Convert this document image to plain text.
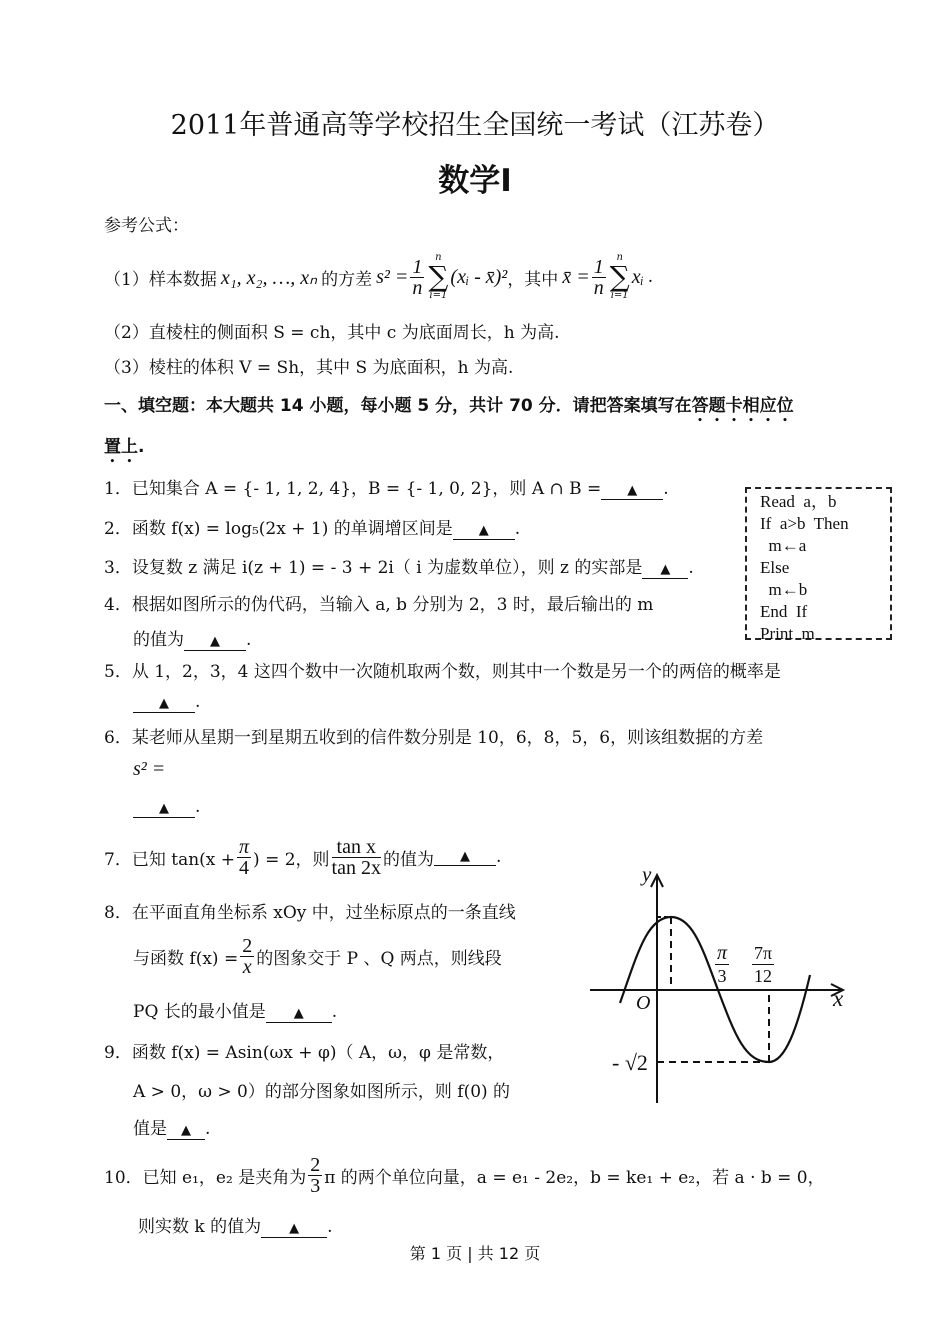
2011年普通高等学校招生全国统一考试（江苏卷）
数学Ⅰ
参考公式：
（1）样本数据 x₁, x₂, …, xₙ 的方差 $s^2 = \frac{1}{n}$	n
∑
i=1
(xᵢ - x̄)² ，其中 x̄ = $\frac{1}{n}$	n
∑
i=1
xᵢ .
（2）直棱柱的侧面积 S = ch，其中 c 为底面周长，h 为高.
（3）棱柱的体积 V = Sh，其中 S 为底面积，h 为高.
一、填空题：本大题共 14 小题，每小题 5 分，共计 70 分．请把答案填写在答题卡相应位
置上.
1．已知集合 A = {- 1, 1, 2, 4}，B = {- 1, 0, 2}，则 A ∩ B = ▲ .
2．函数 f(x) = log₅(2x + 1) 的单调增区间是 ▲ .
3．设复数 z 满足 i(z + 1) = - 3 + 2i（ i 为虚数单位），则 z 的实部是 ▲ .
4．根据如图所示的伪代码，当输入 a, b 分别为 2，3 时，最后输出的 m
的值为 ▲ .
Read  a，b
If  a>b  Then
m←a
Else
m←b
End  If
Print  m
5．从 1，2，3，4 这四个数中一次随机取两个数，则其中一个数是另一个的两倍的概率是
▲ .
6．某老师从星期一到星期五收到的信件数分别是 10，6，8，5，6，则该组数据的方差
s² =
▲ .
7． 已知 $\tan(x + \frac{\pi}{4}$ ) = 2，则 $\frac{\text{tan x}}{\tan 2x}$ 的值为	▲	.
8．在平面直角坐标系 xOy 中，过坐标原点的一条直线
与函数 $f(x) = \frac{2}{x}$ 的图象交于 P 、Q 两点，则线段
PQ 长的最小值是 ▲ .
9．函数 f(x) = Asin(ωx + φ)（ A，ω，φ 是常数，
A > 0，ω > 0）的部分图象如图所示，则 f(0) 的
值是 ▲ .
y
x
O
π
3
7π
12
- √2
10． 已知 e₁，e₂ 是夹角为 $\frac{2}{3}$ π 的两个单位向量，a = e₁ - 2e₂，b = ke₁ + e₂，若 a · b = 0，
则实数 k 的值为 ▲ .
第 1 页 | 共 12 页
